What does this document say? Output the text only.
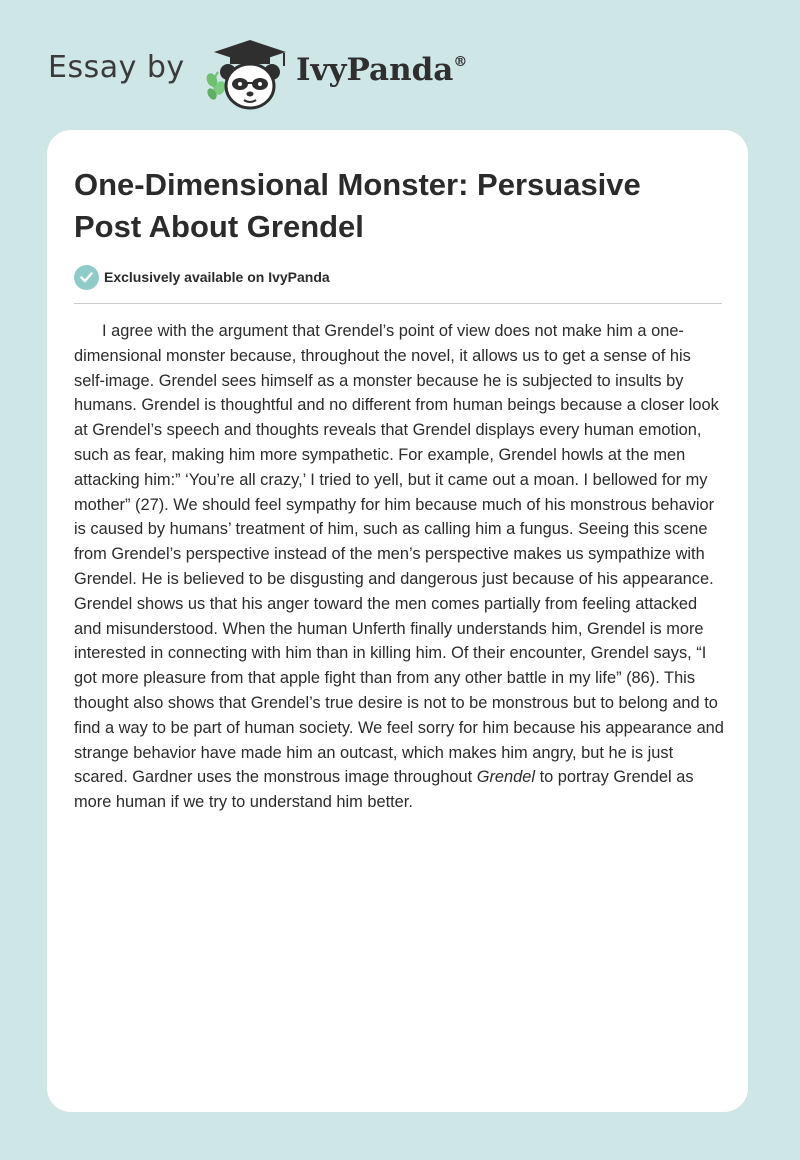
Essay by	IvyPanda®
One-Dimensional Monster: Persuasive Post About Grendel
Exclusively available on IvyPanda

I agree with the argument that Grendel’s point of view does not make him a one-dimensional monster because, throughout the novel, it allows us to get a sense of his self-image. Grendel sees himself as a monster because he is subjected to insults by humans. Grendel is thoughtful and no different from human beings because a closer look at Grendel’s speech and thoughts reveals that Grendel displays every human emotion, such as fear, making him more sympathetic. For example, Grendel howls at the men attacking him:” ‘You’re all crazy,’ I tried to yell, but it came out a moan. I bellowed for my mother” (27). We should feel sympathy for him because much of his monstrous behavior is caused by humans’ treatment of him, such as calling him a fungus. Seeing this scene from Grendel’s perspective instead of the men’s perspective makes us sympathize with Grendel. He is believed to be disgusting and dangerous just because of his appearance. Grendel shows us that his anger toward the men comes partially from feeling attacked and misunderstood. When the human Unferth finally understands him, Grendel is more interested in connecting with him than in killing him. Of their encounter, Grendel says, “I got more pleasure from that apple fight than from any other battle in my life” (86). This thought also shows that Grendel’s true desire is not to be monstrous but to belong and to find a way to be part of human society. We feel sorry for him because his appearance and strange behavior have made him an outcast, which makes him angry, but he is just scared. Gardner uses the monstrous image throughout Grendel to portray Grendel as more human if we try to understand him better.
